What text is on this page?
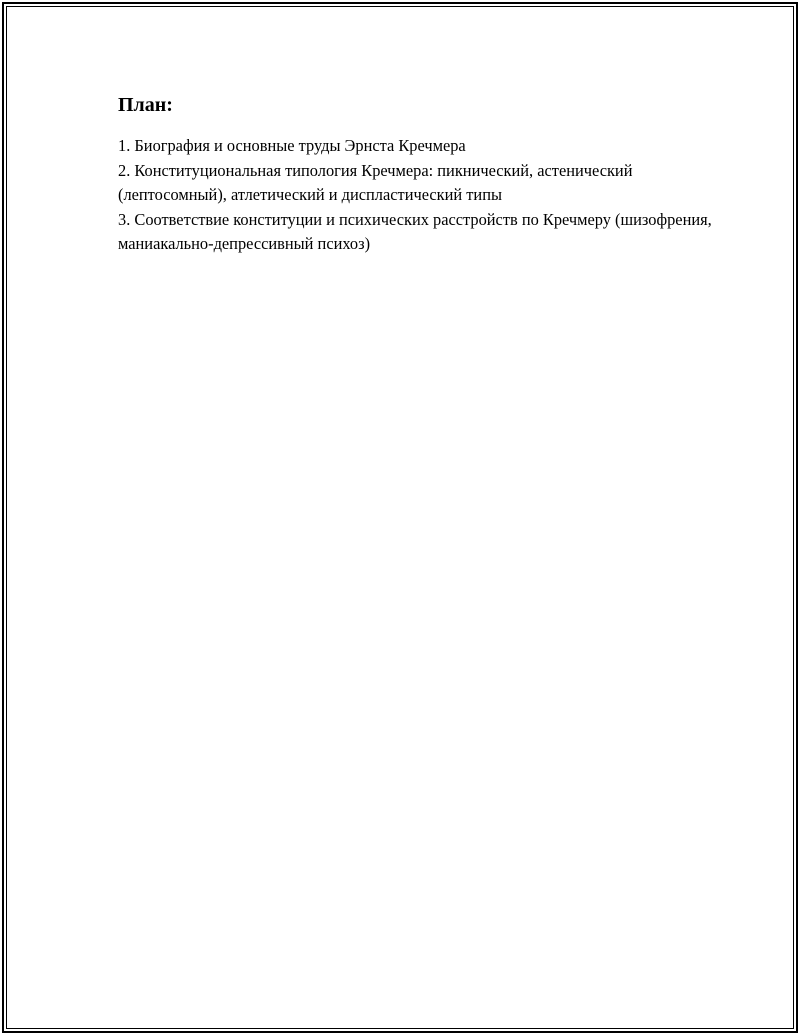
План:
1. Биография и основные труды Эрнста Кречмера
2. Конституциональная типология Кречмера: пикнический, астенический (лептосомный), атлетический и диспластический типы
3. Соответствие конституции и психических расстройств по Кречмеру (шизофрения, маниакально-депрессивный психоз)
